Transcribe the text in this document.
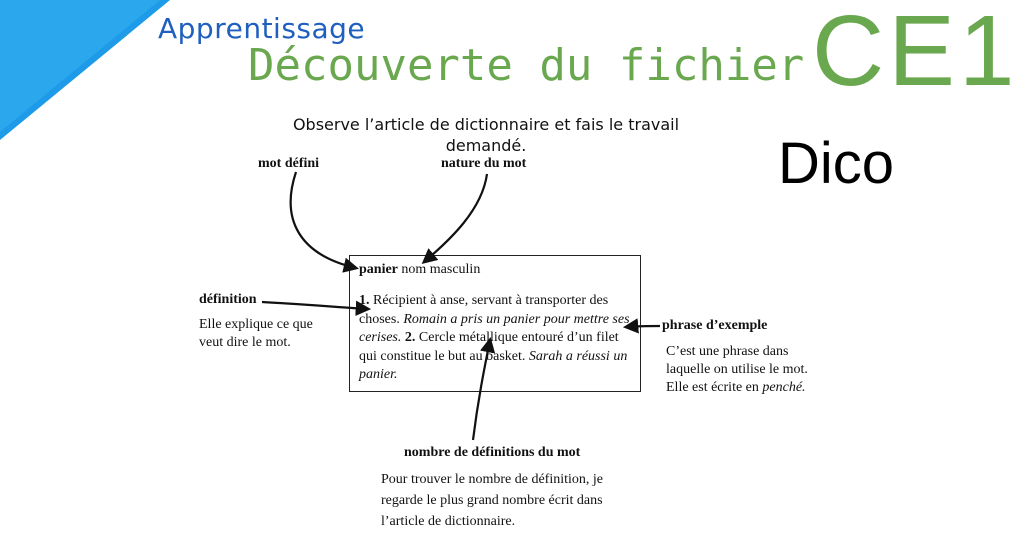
Apprentissage
Découverte du fichier CE1
Dico
Observe l’article de dictionnaire et fais le travail demandé.
mot défini	nature du mot
définition
Elle explique ce que veut dire le mot.
phrase d’exemple
C’est une phrase dans laquelle on utilise le mot. Elle est écrite en penché.
nombre de définitions du mot
Pour trouver le nombre de définition, je regarde le plus grand nombre écrit dans l’article de dictionnaire.
panier nom masculin
1. Récipient à anse, servant à transporter des choses. Romain a pris un panier pour mettre ses cerises. 2. Cercle métallique entouré d’un filet qui constitue le but au basket. Sarah a réussi un panier.
